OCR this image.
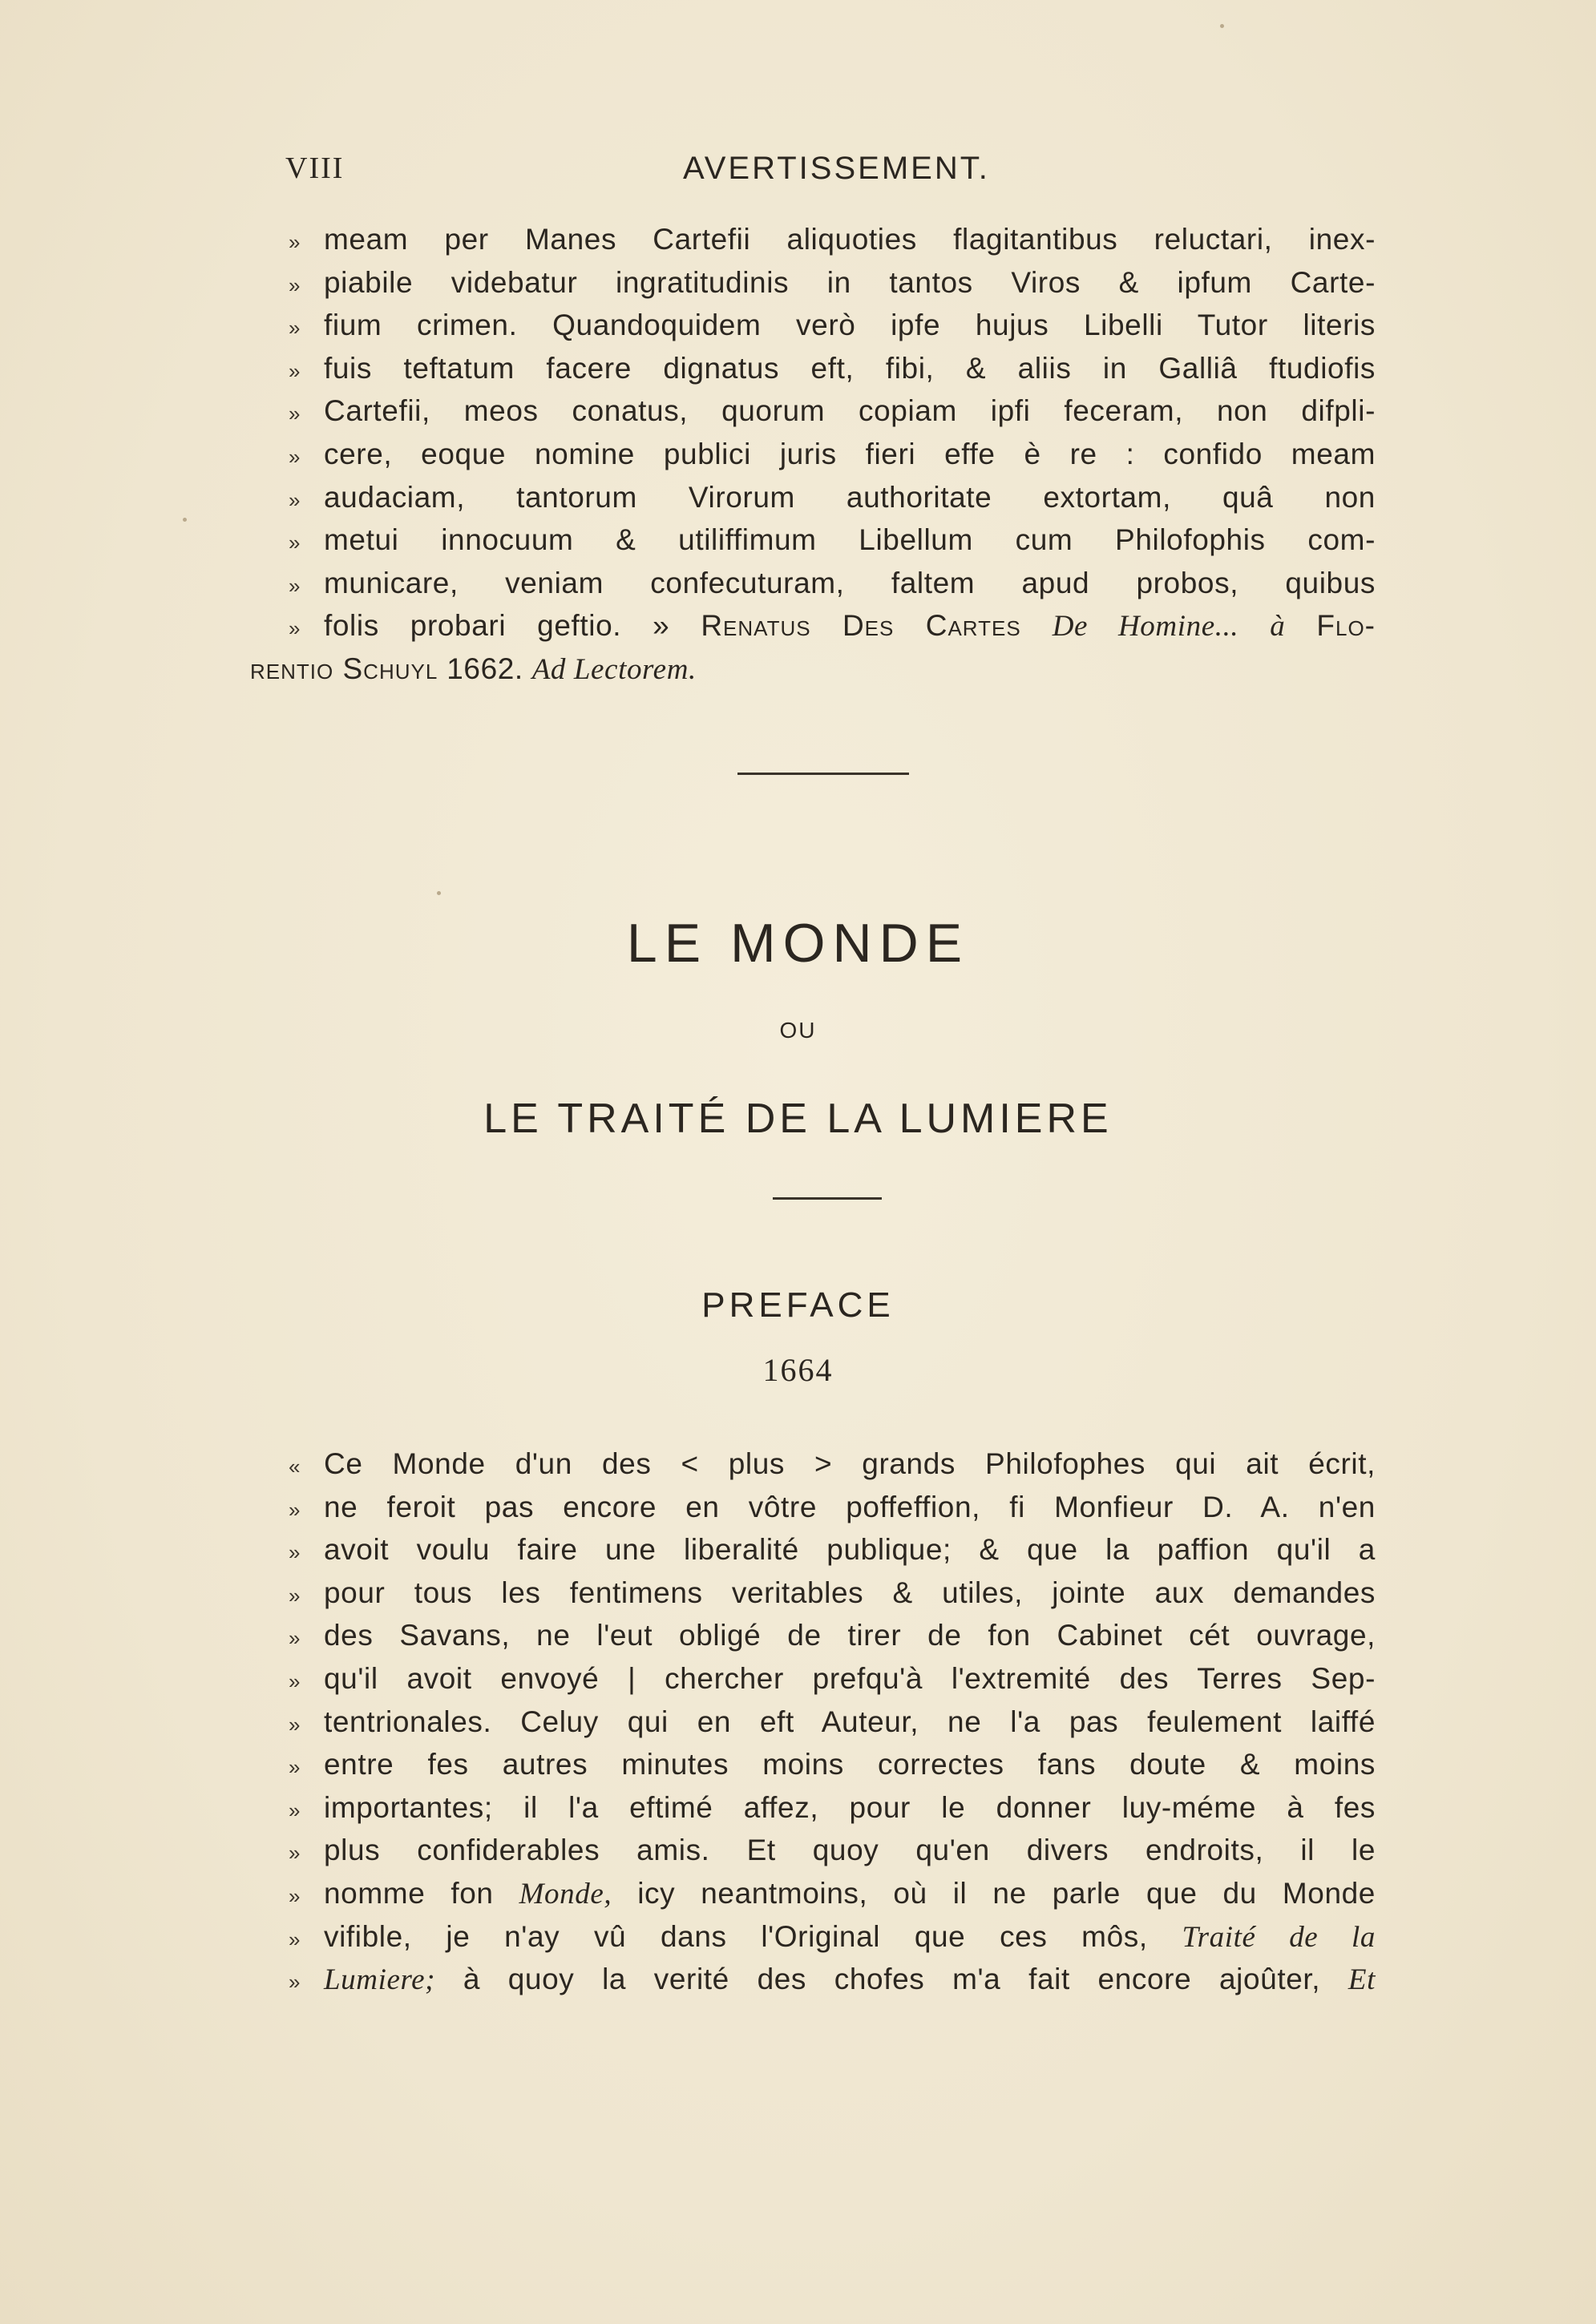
VIII	AVERTISSEMENT.
» meam per Manes Cartefii aliquoties flagitantibus reluctari, inex-
» piabile videbatur ingratitudinis in tantos Viros & ipfum Carte-
» fium crimen. Quandoquidem verò ipfe hujus Libelli Tutor literis
» fuis teftatum facere dignatus eft, fibi, & aliis in Galliâ ftudiofis
» Cartefii, meos conatus, quorum copiam ipfi feceram, non difpli-
» cere, eoque nomine publici juris fieri effe è re : confido meam
» audaciam, tantorum Virorum authoritate extortam, quâ non
» metui innocuum & utiliffimum Libellum cum Philofophis com-
» municare, veniam confecuturam, faltem apud probos, quibus
» folis probari geftio. » Renatus Des Cartes De Homine... à Flo-
rentio Schuyl 1662. Ad Lectorem.
LE MONDE
OU
LE TRAITÉ DE LA LUMIERE
PREFACE
1664
« Ce Monde d'un des < plus > grands Philofophes qui ait écrit,
» ne feroit pas encore en vôtre poffeffion, fi Monfieur D. A. n'en
» avoit voulu faire une liberalité publique; & que la paffion qu'il a
» pour tous les fentimens veritables & utiles, jointe aux demandes
» des Savans, ne l'eut obligé de tirer de fon Cabinet cét ouvrage,
» qu'il avoit envoyé | chercher prefqu'à l'extremité des Terres Sep-
» tentrionales. Celuy qui en eft Auteur, ne l'a pas feulement laiffé
» entre fes autres minutes moins correctes fans doute & moins
» importantes; il l'a eftimé affez, pour le donner luy-méme à fes
» plus confiderables amis. Et quoy qu'en divers endroits, il le
» nomme fon Monde, icy neantmoins, où il ne parle que du Monde
» vifible, je n'ay vû dans l'Original que ces môs, Traité de la
» Lumiere; à quoy la verité des chofes m'a fait encore ajoûter, Et
